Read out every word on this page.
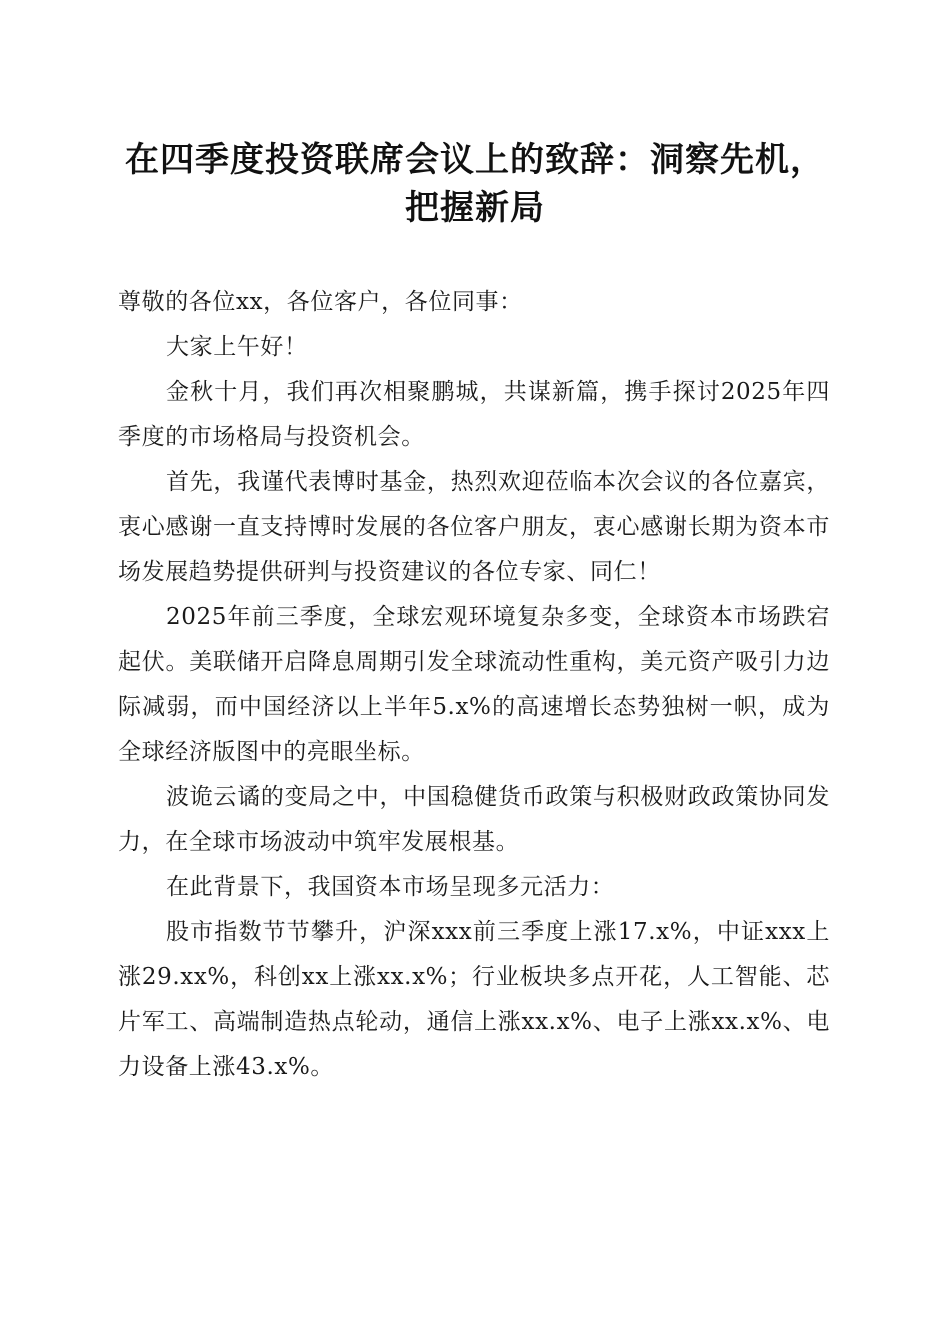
在四季度投资联席会议上的致辞：洞察先机，
把握新局

尊敬的各位xx，各位客户，各位同事：

大家上午好！

金秋十月，我们再次相聚鹏城，共谋新篇，携手探讨2025年四季度的市场格局与投资机会。

首先，我谨代表博时基金，热烈欢迎莅临本次会议的各位嘉宾，衷心感谢一直支持博时发展的各位客户朋友，衷心感谢长期为资本市场发展趋势提供研判与投资建议的各位专家、同仁！

2025年前三季度，全球宏观环境复杂多变，全球资本市场跌宕起伏。美联储开启降息周期引发全球流动性重构，美元资产吸引力边际减弱，而中国经济以上半年5.x%的高速增长态势独树一帜，成为全球经济版图中的亮眼坐标。

波诡云谲的变局之中，中国稳健货币政策与积极财政政策协同发力，在全球市场波动中筑牢发展根基。

在此背景下，我国资本市场呈现多元活力：

股市指数节节攀升，沪深xxx前三季度上涨17.x%，中证xxx上涨29.xx%，科创xx上涨xx.x%；行业板块多点开花，人工智能、芯片军工、高端制造热点轮动，通信上涨xx.x%、电子上涨xx.x%、电力设备上涨43.x%。
